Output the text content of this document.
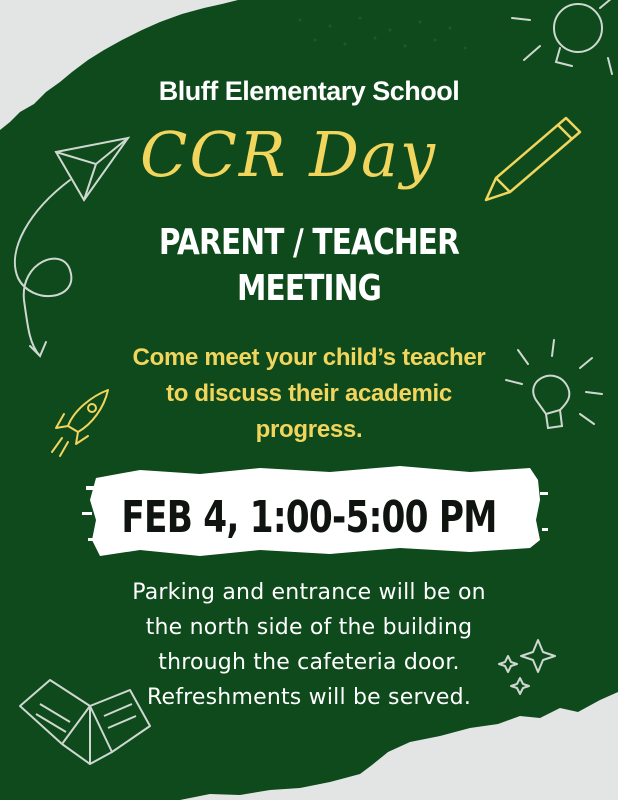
Bluff Elementary School
CCR Day
PARENT / TEACHER
MEETING
Come meet your child’s teacher
to discuss their academic
progress.
FEB 4, 1:00-5:00 PM
Parking and entrance will be on
the north side of the building
through the cafeteria door.
Refreshments will be served.
